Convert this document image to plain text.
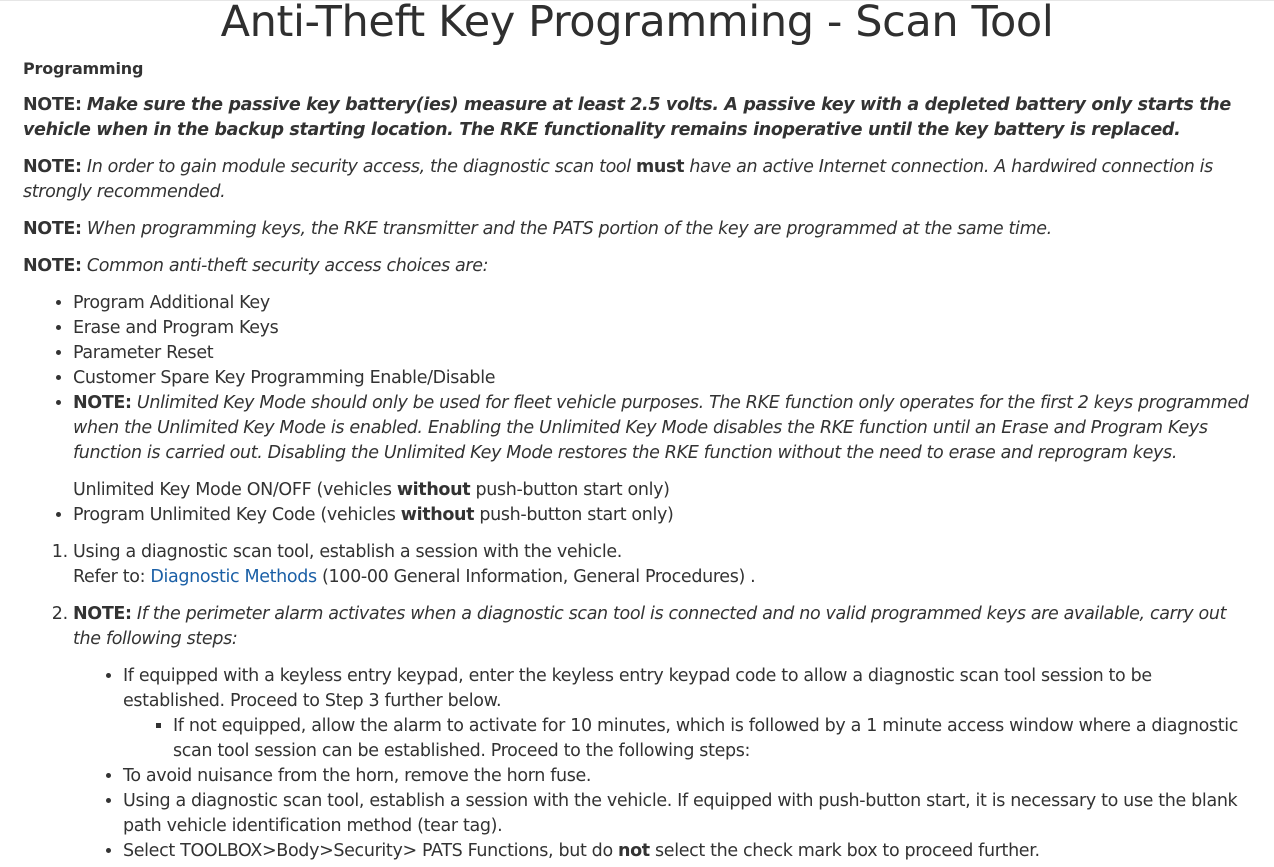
Anti-Theft Key Programming - Scan Tool

Programming

NOTE: Make sure the passive key battery(ies) measure at least 2.5 volts. A passive key with a depleted battery only starts the vehicle when in the backup starting location. The RKE functionality remains inoperative until the key battery is replaced.

NOTE: In order to gain module security access, the diagnostic scan tool must have an active Internet connection. A hardwired connection is strongly recommended.

NOTE: When programming keys, the RKE transmitter and the PATS portion of the key are programmed at the same time.

NOTE: Common anti-theft security access choices are:

• Program Additional Key
• Erase and Program Keys
• Parameter Reset
• Customer Spare Key Programming Enable/Disable
• NOTE: Unlimited Key Mode should only be used for fleet vehicle purposes. The RKE function only operates for the first 2 keys programmed when the Unlimited Key Mode is enabled. Enabling the Unlimited Key Mode disables the RKE function until an Erase and Program Keys function is carried out. Disabling the Unlimited Key Mode restores the RKE function without the need to erase and reprogram keys.

Unlimited Key Mode ON/OFF (vehicles without push-button start only)

• Program Unlimited Key Code (vehicles without push-button start only)
1. Using a diagnostic scan tool, establish a session with the vehicle.
Refer to: Diagnostic Methods (100-00 General Information, General Procedures) .
2. NOTE: If the perimeter alarm activates when a diagnostic scan tool is connected and no valid programmed keys are available, carry out the following steps:
• If equipped with a keyless entry keypad, enter the keyless entry keypad code to allow a diagnostic scan tool session to be established. Proceed to Step 3 further below.
▪ If not equipped, allow the alarm to activate for 10 minutes, which is followed by a 1 minute access window where a diagnostic scan tool session can be established. Proceed to the following steps:
• To avoid nuisance from the horn, remove the horn fuse.
• Using a diagnostic scan tool, establish a session with the vehicle. If equipped with push-button start, it is necessary to use the blank path vehicle identification method (tear tag).
• Select TOOLBOX>Body>Security> PATS Functions, but do not select the check mark box to proceed further.
